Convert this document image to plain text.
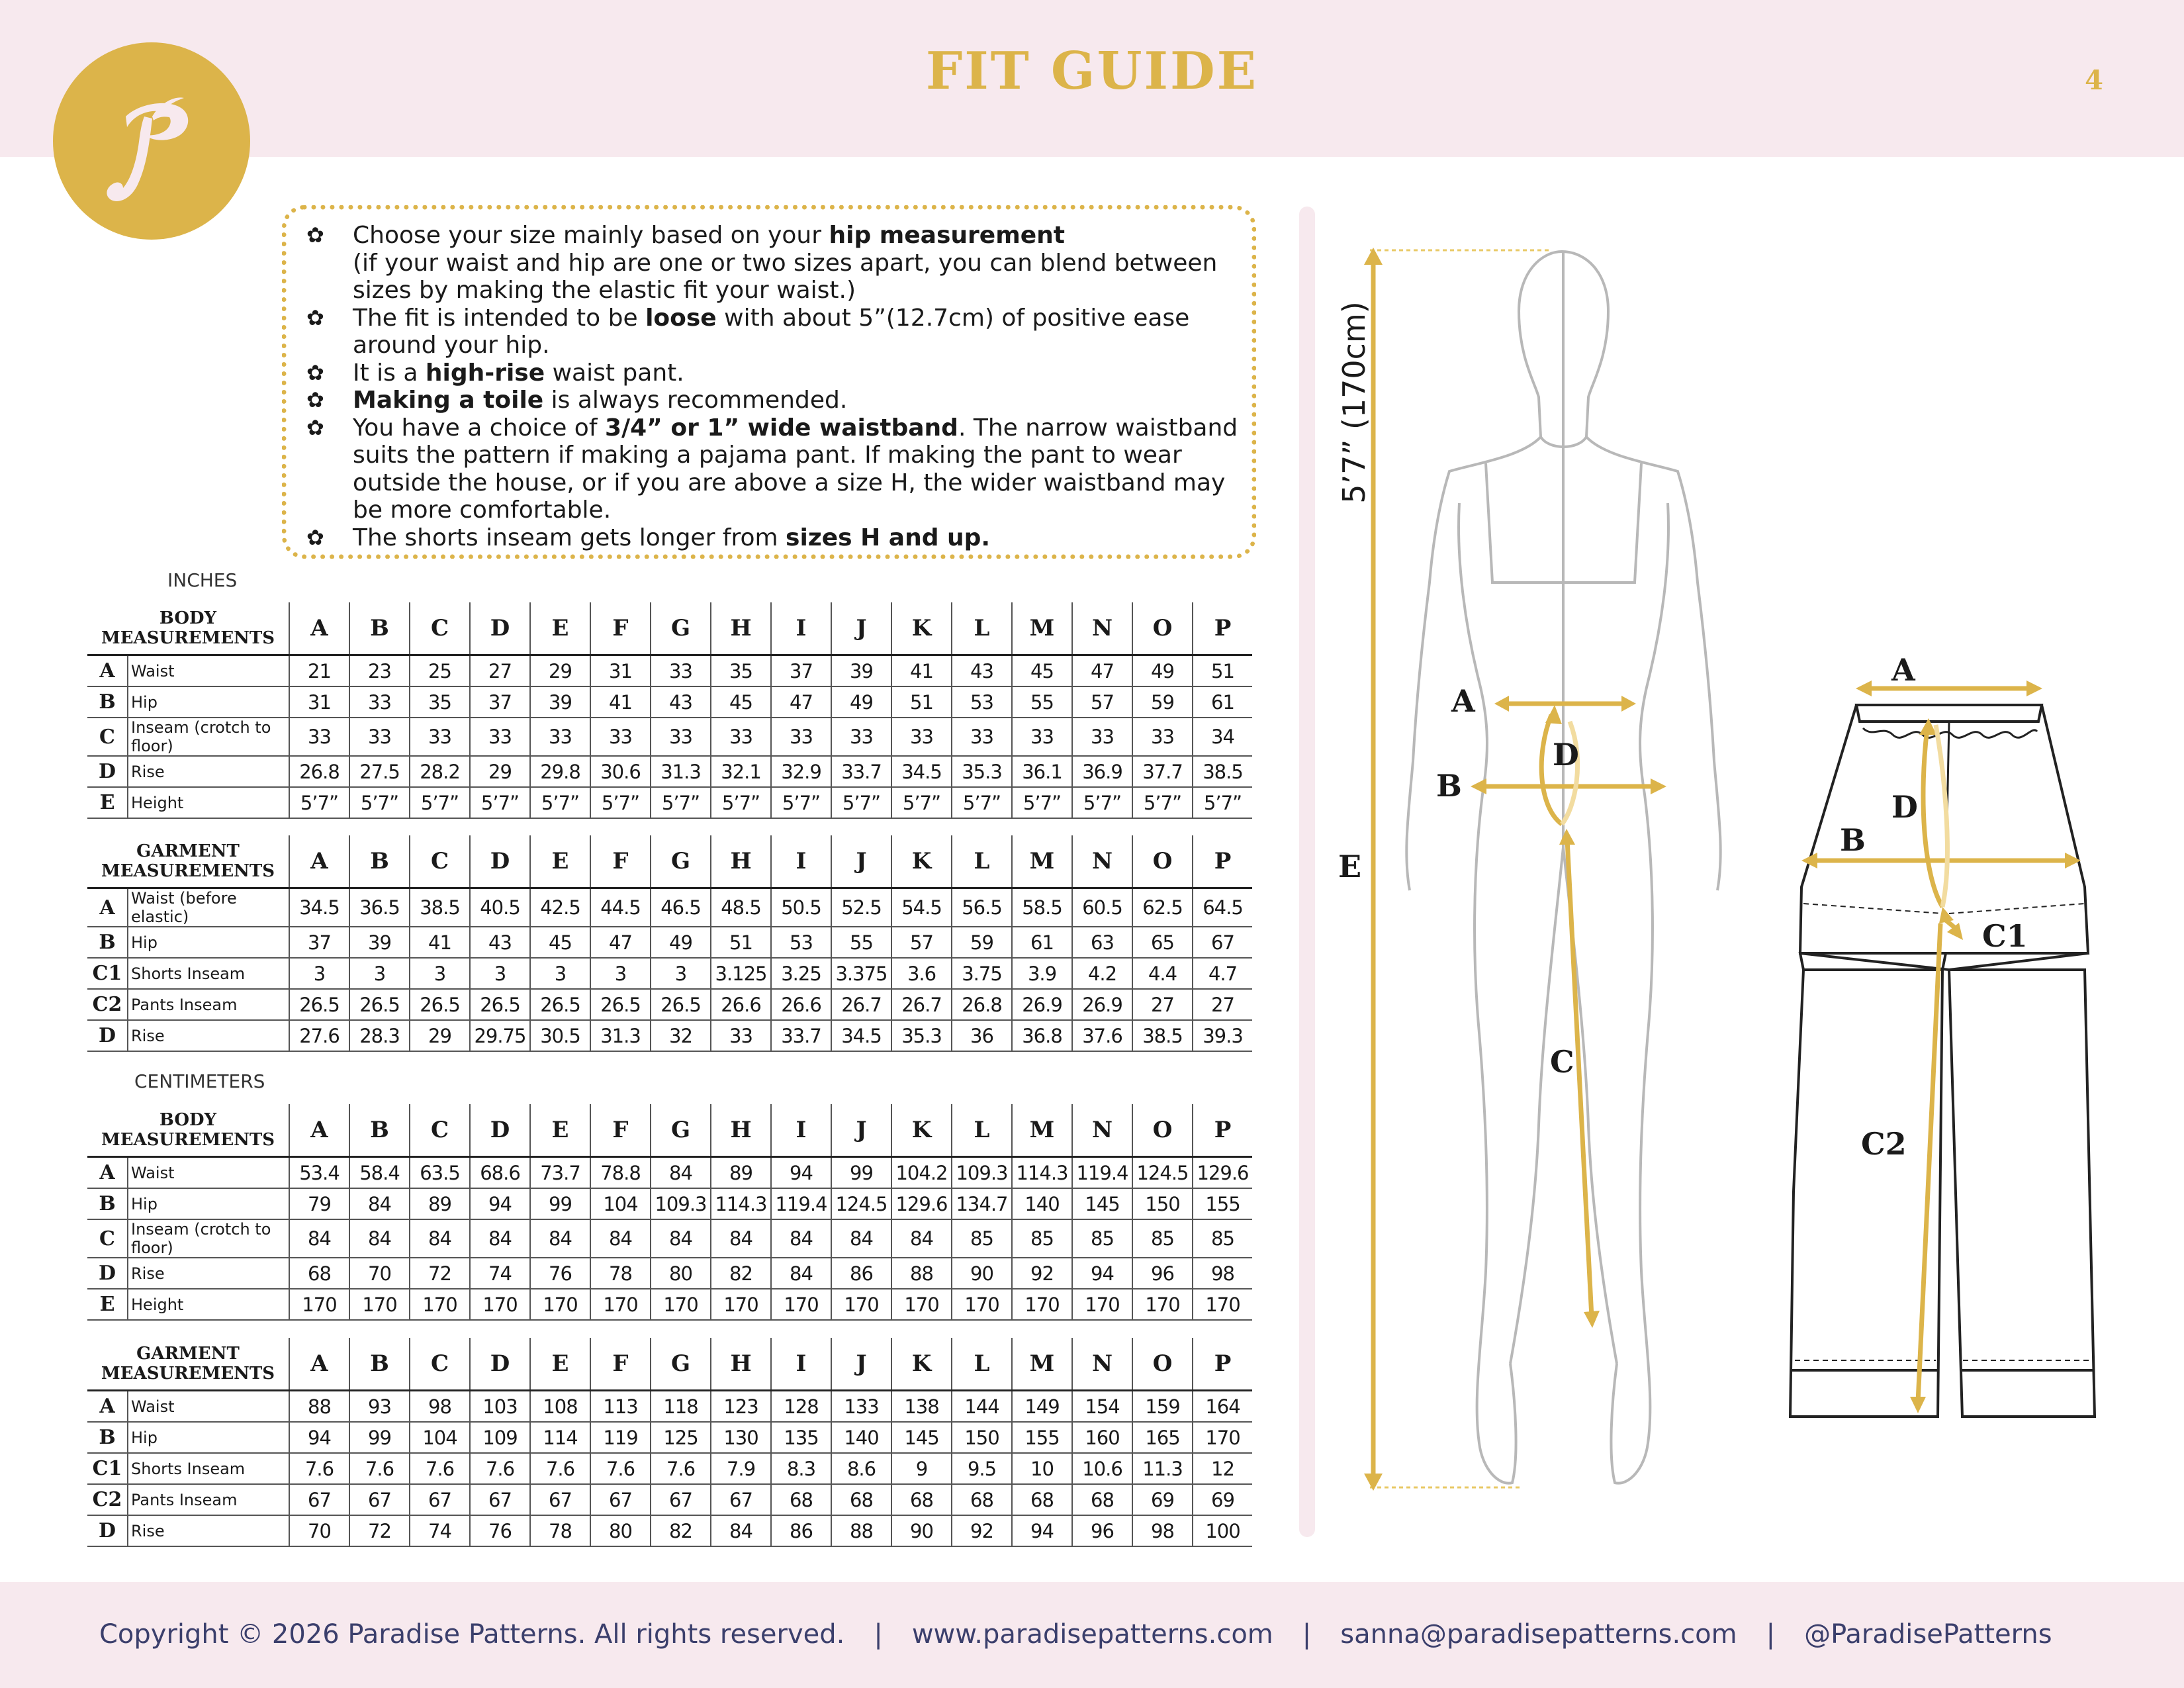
FIT GUIDE	4
✿ Choose your size mainly based on your hip measurement
(if your waist and hip are one or two sizes apart, you can blend between sizes by making the elastic fit your waist.)
✿ The fit is intended to be loose with about 5”(12.7cm) of positive ease around your hip.
✿ It is a high-rise waist pant.
✿ Making a toile is always recommended.
✿ You have a choice of 3/4” or 1” wide waistband. The narrow waistband suits the pattern if making a pajama pant. If making the pant to wear outside the house, or if you are above a size H, the wider waistband may be more comfortable.
✿ The shorts inseam gets longer from sizes H and up.
INCHES
BODY
MEASUREMENTS		A	B	C	D	E	F	G	H	I	J	K	L	M	N	O	P
A	Waist	21	23	25	27	29	31	33	35	37	39	41	43	45	47	49	51
B	Hip	31	33	35	37	39	41	43	45	47	49	51	53	55	57	59	61
C	Inseam (crotch to floor)	33	33	33	33	33	33	33	33	33	33	33	33	33	33	33	34
D	Rise	26.8	27.5	28.2	29	29.8	30.6	31.3	32.1	32.9	33.7	34.5	35.3	36.1	36.9	37.7	38.5
E	Height	5’7”	5’7”	5’7”	5’7”	5’7”	5’7”	5’7”	5’7”	5’7”	5’7”	5’7”	5’7”	5’7”	5’7”	5’7”	5’7”
GARMENT
MEASUREMENTS		A	B	C	D	E	F	G	H	I	J	K	L	M	N	O	P
A	Waist (before elastic)	34.5	36.5	38.5	40.5	42.5	44.5	46.5	48.5	50.5	52.5	54.5	56.5	58.5	60.5	62.5	64.5
B	Hip	37	39	41	43	45	47	49	51	53	55	57	59	61	63	65	67
C1	Shorts Inseam	3	3	3	3	3	3	3	3.125	3.25	3.375	3.6	3.75	3.9	4.2	4.4	4.7
C2	Pants Inseam	26.5	26.5	26.5	26.5	26.5	26.5	26.5	26.6	26.6	26.7	26.7	26.8	26.9	26.9	27	27
D	Rise	27.6	28.3	29	29.75	30.5	31.3	32	33	33.7	34.5	35.3	36	36.8	37.6	38.5	39.3
CENTIMETERS
BODY
MEASUREMENTS		A	B	C	D	E	F	G	H	I	J	K	L	M	N	O	P
A	Waist	53.4	58.4	63.5	68.6	73.7	78.8	84	89	94	99	104.2	109.3	114.3	119.4	124.5	129.6
B	Hip	79	84	89	94	99	104	109.3	114.3	119.4	124.5	129.6	134.7	140	145	150	155
C	Inseam (crotch to floor)	84	84	84	84	84	84	84	84	84	84	84	85	85	85	85	85
D	Rise	68	70	72	74	76	78	80	82	84	86	88	90	92	94	96	98
E	Height	170	170	170	170	170	170	170	170	170	170	170	170	170	170	170	170
GARMENT
MEASUREMENTS		A	B	C	D	E	F	G	H	I	J	K	L	M	N	O	P
A	Waist	88	93	98	103	108	113	118	123	128	133	138	144	149	154	159	164
B	Hip	94	99	104	109	114	119	125	130	135	140	145	150	155	160	165	170
C1	Shorts Inseam	7.6	7.6	7.6	7.6	7.6	7.6	7.6	7.9	8.3	8.6	9	9.5	10	10.6	11.3	12
C2	Pants Inseam	67	67	67	67	67	67	67	67	68	68	68	68	68	68	69	69
D	Rise	70	72	74	76	78	80	82	84	86	88	90	92	94	96	98	100
5’7” (170cm)
E
A
B
D
C
A
B
D
C1
C2
Copyright © 2026 Paradise Patterns. All rights reserved. | www.paradisepatterns.com | sanna@paradisepatterns.com | @ParadisePatterns
